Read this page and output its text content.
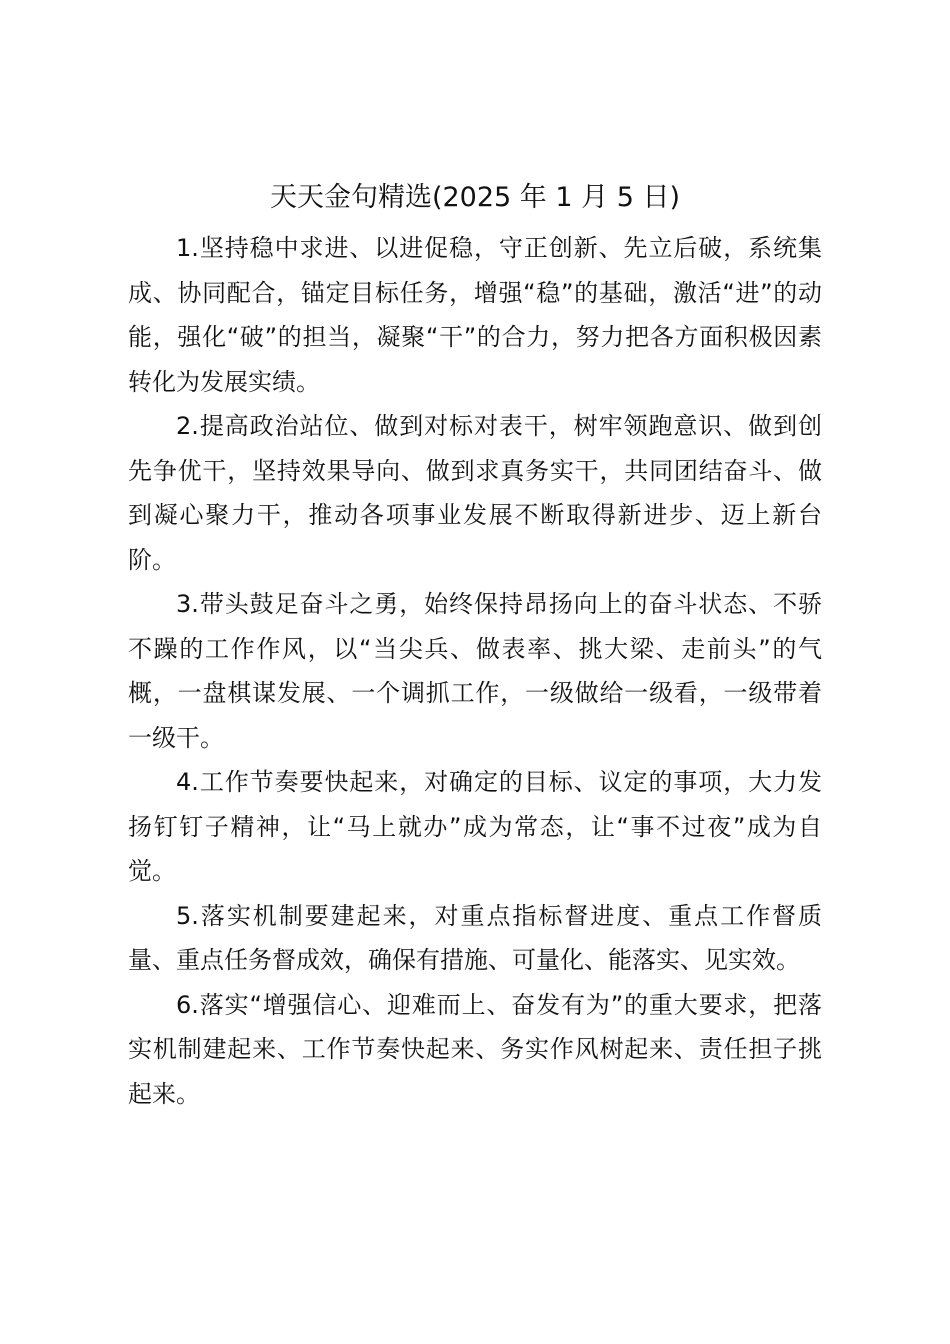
天天金句精选(2025 年 1 月 5 日)

1.坚持稳中求进、以进促稳，守正创新、先立后破，系统集成、协同配合，锚定目标任务，增强“稳”的基础，激活“进”的动能，强化“破”的担当，凝聚“干”的合力，努力把各方面积极因素转化为发展实绩。

2.提高政治站位、做到对标对表干，树牢领跑意识、做到创先争优干，坚持效果导向、做到求真务实干，共同团结奋斗、做到凝心聚力干，推动各项事业发展不断取得新进步、迈上新台阶。

3.带头鼓足奋斗之勇，始终保持昂扬向上的奋斗状态、不骄不躁的工作作风，以“当尖兵、做表率、挑大梁、走前头”的气概，一盘棋谋发展、一个调抓工作，一级做给一级看，一级带着一级干。

4.工作节奏要快起来，对确定的目标、议定的事项，大力发扬钉钉子精神，让“马上就办”成为常态，让“事不过夜”成为自觉。

5.落实机制要建起来，对重点指标督进度、重点工作督质量、重点任务督成效，确保有措施、可量化、能落实、见实效。

6.落实“增强信心、迎难而上、奋发有为”的重大要求，把落实机制建起来、工作节奏快起来、务实作风树起来、责任担子挑起来。
